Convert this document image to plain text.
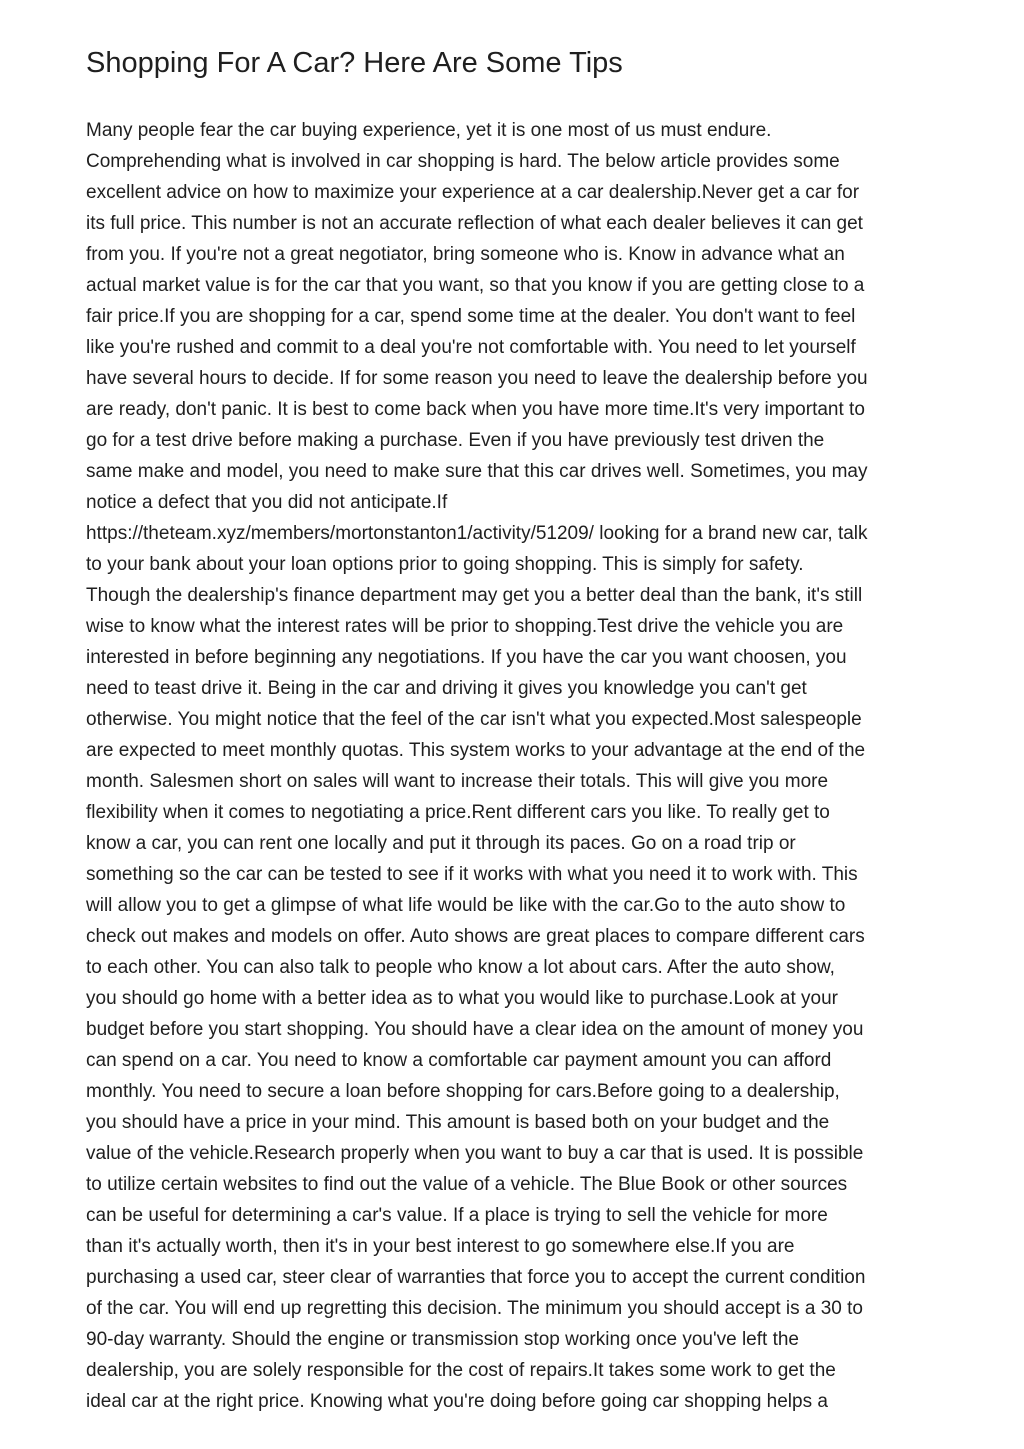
Shopping For A Car? Here Are Some Tips
Many people fear the car buying experience, yet it is one most of us must endure.
Comprehending what is involved in car shopping is hard. The below article provides some
excellent advice on how to maximize your experience at a car dealership.Never get a car for
its full price. This number is not an accurate reflection of what each dealer believes it can get
from you. If you're not a great negotiator, bring someone who is. Know in advance what an
actual market value is for the car that you want, so that you know if you are getting close to a
fair price.If you are shopping for a car, spend some time at the dealer. You don't want to feel
like you're rushed and commit to a deal you're not comfortable with. You need to let yourself
have several hours to decide. If for some reason you need to leave the dealership before you
are ready, don't panic. It is best to come back when you have more time.It's very important to
go for a test drive before making a purchase. Even if you have previously test driven the
same make and model, you need to make sure that this car drives well. Sometimes, you may
notice a defect that you did not anticipate.If
https://theteam.xyz/members/mortonstanton1/activity/51209/ looking for a brand new car, talk
to your bank about your loan options prior to going shopping. This is simply for safety.
Though the dealership's finance department may get you a better deal than the bank, it's still
wise to know what the interest rates will be prior to shopping.Test drive the vehicle you are
interested in before beginning any negotiations. If you have the car you want choosen, you
need to teast drive it. Being in the car and driving it gives you knowledge you can't get
otherwise. You might notice that the feel of the car isn't what you expected.Most salespeople
are expected to meet monthly quotas. This system works to your advantage at the end of the
month. Salesmen short on sales will want to increase their totals. This will give you more
flexibility when it comes to negotiating a price.Rent different cars you like. To really get to
know a car, you can rent one locally and put it through its paces. Go on a road trip or
something so the car can be tested to see if it works with what you need it to work with. This
will allow you to get a glimpse of what life would be like with the car.Go to the auto show to
check out makes and models on offer. Auto shows are great places to compare different cars
to each other. You can also talk to people who know a lot about cars. After the auto show,
you should go home with a better idea as to what you would like to purchase.Look at your
budget before you start shopping. You should have a clear idea on the amount of money you
can spend on a car. You need to know a comfortable car payment amount you can afford
monthly. You need to secure a loan before shopping for cars.Before going to a dealership,
you should have a price in your mind. This amount is based both on your budget and the
value of the vehicle.Research properly when you want to buy a car that is used. It is possible
to utilize certain websites to find out the value of a vehicle. The Blue Book or other sources
can be useful for determining a car's value. If a place is trying to sell the vehicle for more
than it's actually worth, then it's in your best interest to go somewhere else.If you are
purchasing a used car, steer clear of warranties that force you to accept the current condition
of the car. You will end up regretting this decision. The minimum you should accept is a 30 to
90-day warranty. Should the engine or transmission stop working once you've left the
dealership, you are solely responsible for the cost of repairs.It takes some work to get the
ideal car at the right price. Knowing what you're doing before going car shopping helps a
